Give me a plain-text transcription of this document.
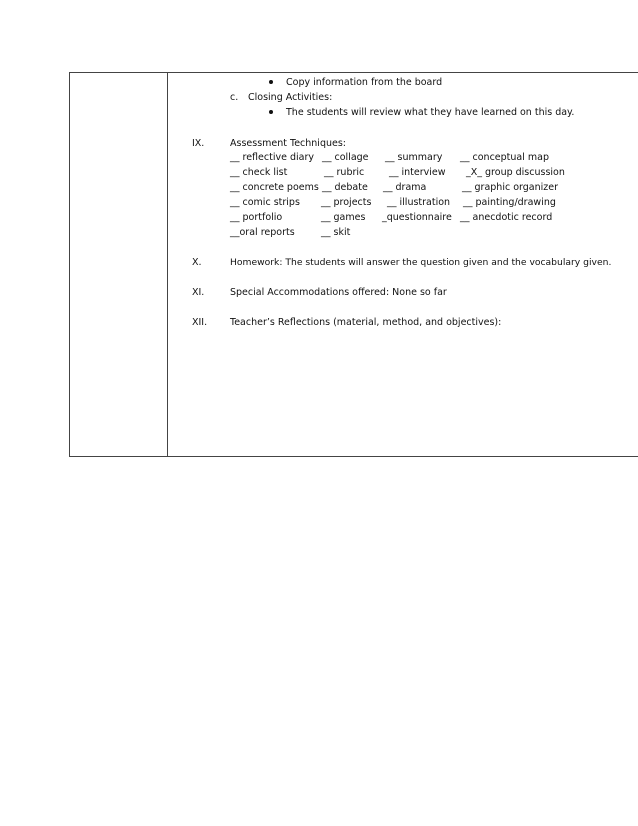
Copy information from the board
c. Closing Activities:
The students will review what they have learned on this day.
IX.	Assessment Techniques:
__ reflective diary __ collage __ summary __ conceptual map
__ check list	__ rubric	__ interview _X_ group discussion
__ concrete poems __ debate __ drama	__ graphic organizer
__ comic strips __ projects __ illustration __ painting/drawing
__ portfolio	__ games _questionnaire __ anecdotic record
__oral reports	__ skit
X.	Homework: The students will answer the question given and the vocabulary given.
XI.	Special Accommodations offered: None so far
XII. Teacher’s Reflections (material, method, and objectives):
